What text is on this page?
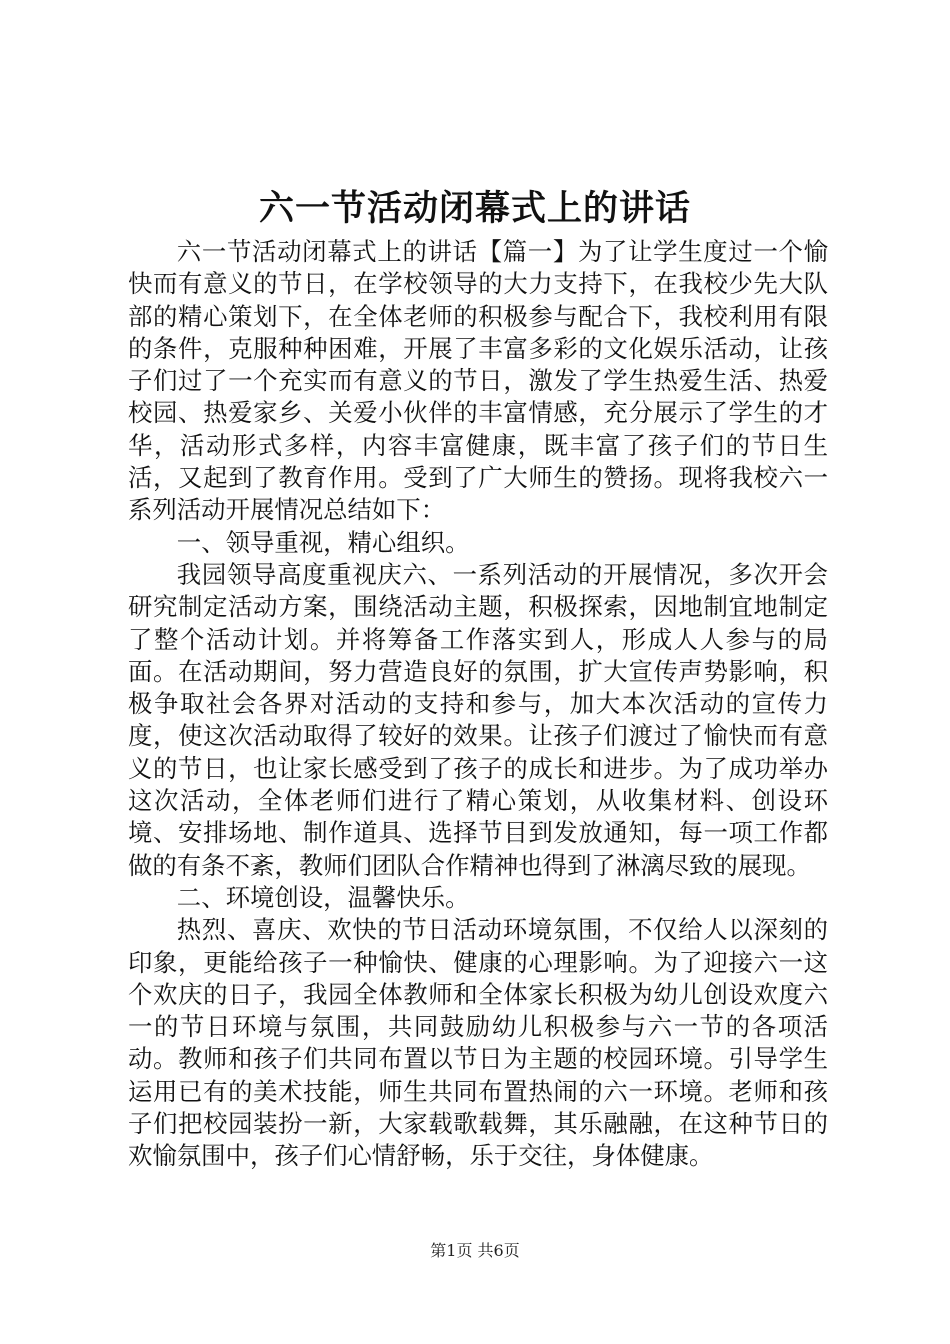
六一节活动闭幕式上的讲话

六一节活动闭幕式上的讲话【篇一】为了让学生度过一个愉快而有意义的节日，在学校领导的大力支持下，在我校少先大队部的精心策划下，在全体老师的积极参与配合下，我校利用有限的条件，克服种种困难，开展了丰富多彩的文化娱乐活动，让孩子们过了一个充实而有意义的节日，激发了学生热爱生活、热爱校园、热爱家乡、关爱小伙伴的丰富情感，充分展示了学生的才华，活动形式多样，内容丰富健康，既丰富了孩子们的节日生活，又起到了教育作用。受到了广大师生的赞扬。现将我校六一系列活动开展情况总结如下：

一、领导重视，精心组织。

我园领导高度重视庆六、一系列活动的开展情况，多次开会研究制定活动方案，围绕活动主题，积极探索，因地制宜地制定了整个活动计划。并将筹备工作落实到人，形成人人参与的局面。在活动期间，努力营造良好的氛围，扩大宣传声势影响，积极争取社会各界对活动的支持和参与，加大本次活动的宣传力度，使这次活动取得了较好的效果。让孩子们渡过了愉快而有意义的节日，也让家长感受到了孩子的成长和进步。为了成功举办这次活动，全体老师们进行了精心策划，从收集材料、创设环境、安排场地、制作道具、选择节目到发放通知，每一项工作都做的有条不紊，教师们团队合作精神也得到了淋漓尽致的展现。

二、环境创设，温馨快乐。

热烈、喜庆、欢快的节日活动环境氛围，不仅给人以深刻的印象，更能给孩子一种愉快、健康的心理影响。为了迎接六一这个欢庆的日子，我园全体教师和全体家长积极为幼儿创设欢度六一的节日环境与氛围，共同鼓励幼儿积极参与六一节的各项活动。教师和孩子们共同布置以节日为主题的校园环境。引导学生运用已有的美术技能，师生共同布置热闹的六一环境。老师和孩子们把校园装扮一新，大家载歌载舞，其乐融融，在这种节日的欢愉氛围中，孩子们心情舒畅，乐于交往，身体健康。

第1页 共6页
